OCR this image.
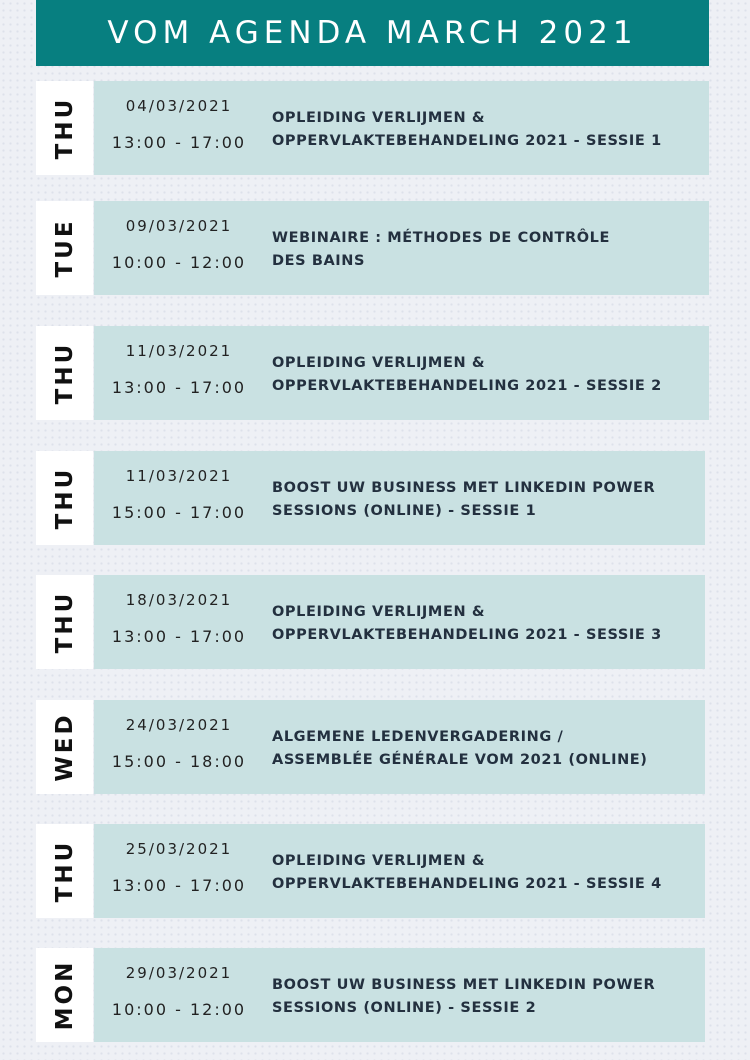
VOM AGENDA MARCH 2021
THU	04/03/2021
13:00 - 17:00
OPLEIDING VERLIJMEN &
OPPERVLAKTEBEHANDELING 2021 - SESSIE 1
TUE	09/03/2021
10:00 - 12:00
WEBINAIRE : MÉTHODES DE CONTRÔLE
DES BAINS
THU	11/03/2021
13:00 - 17:00
OPLEIDING VERLIJMEN &
OPPERVLAKTEBEHANDELING 2021 - SESSIE 2
THU	11/03/2021
15:00 - 17:00
BOOST UW BUSINESS MET LINKEDIN POWER
SESSIONS (ONLINE) - SESSIE 1
THU	18/03/2021
13:00 - 17:00
OPLEIDING VERLIJMEN &
OPPERVLAKTEBEHANDELING 2021 - SESSIE 3
WED	24/03/2021
15:00 - 18:00
ALGEMENE LEDENVERGADERING /
ASSEMBLÉE GÉNÉRALE VOM 2021 (ONLINE)
THU	25/03/2021
13:00 - 17:00
OPLEIDING VERLIJMEN &
OPPERVLAKTEBEHANDELING 2021 - SESSIE 4
MON	29/03/2021
10:00 - 12:00
BOOST UW BUSINESS MET LINKEDIN POWER
SESSIONS (ONLINE) - SESSIE 2
